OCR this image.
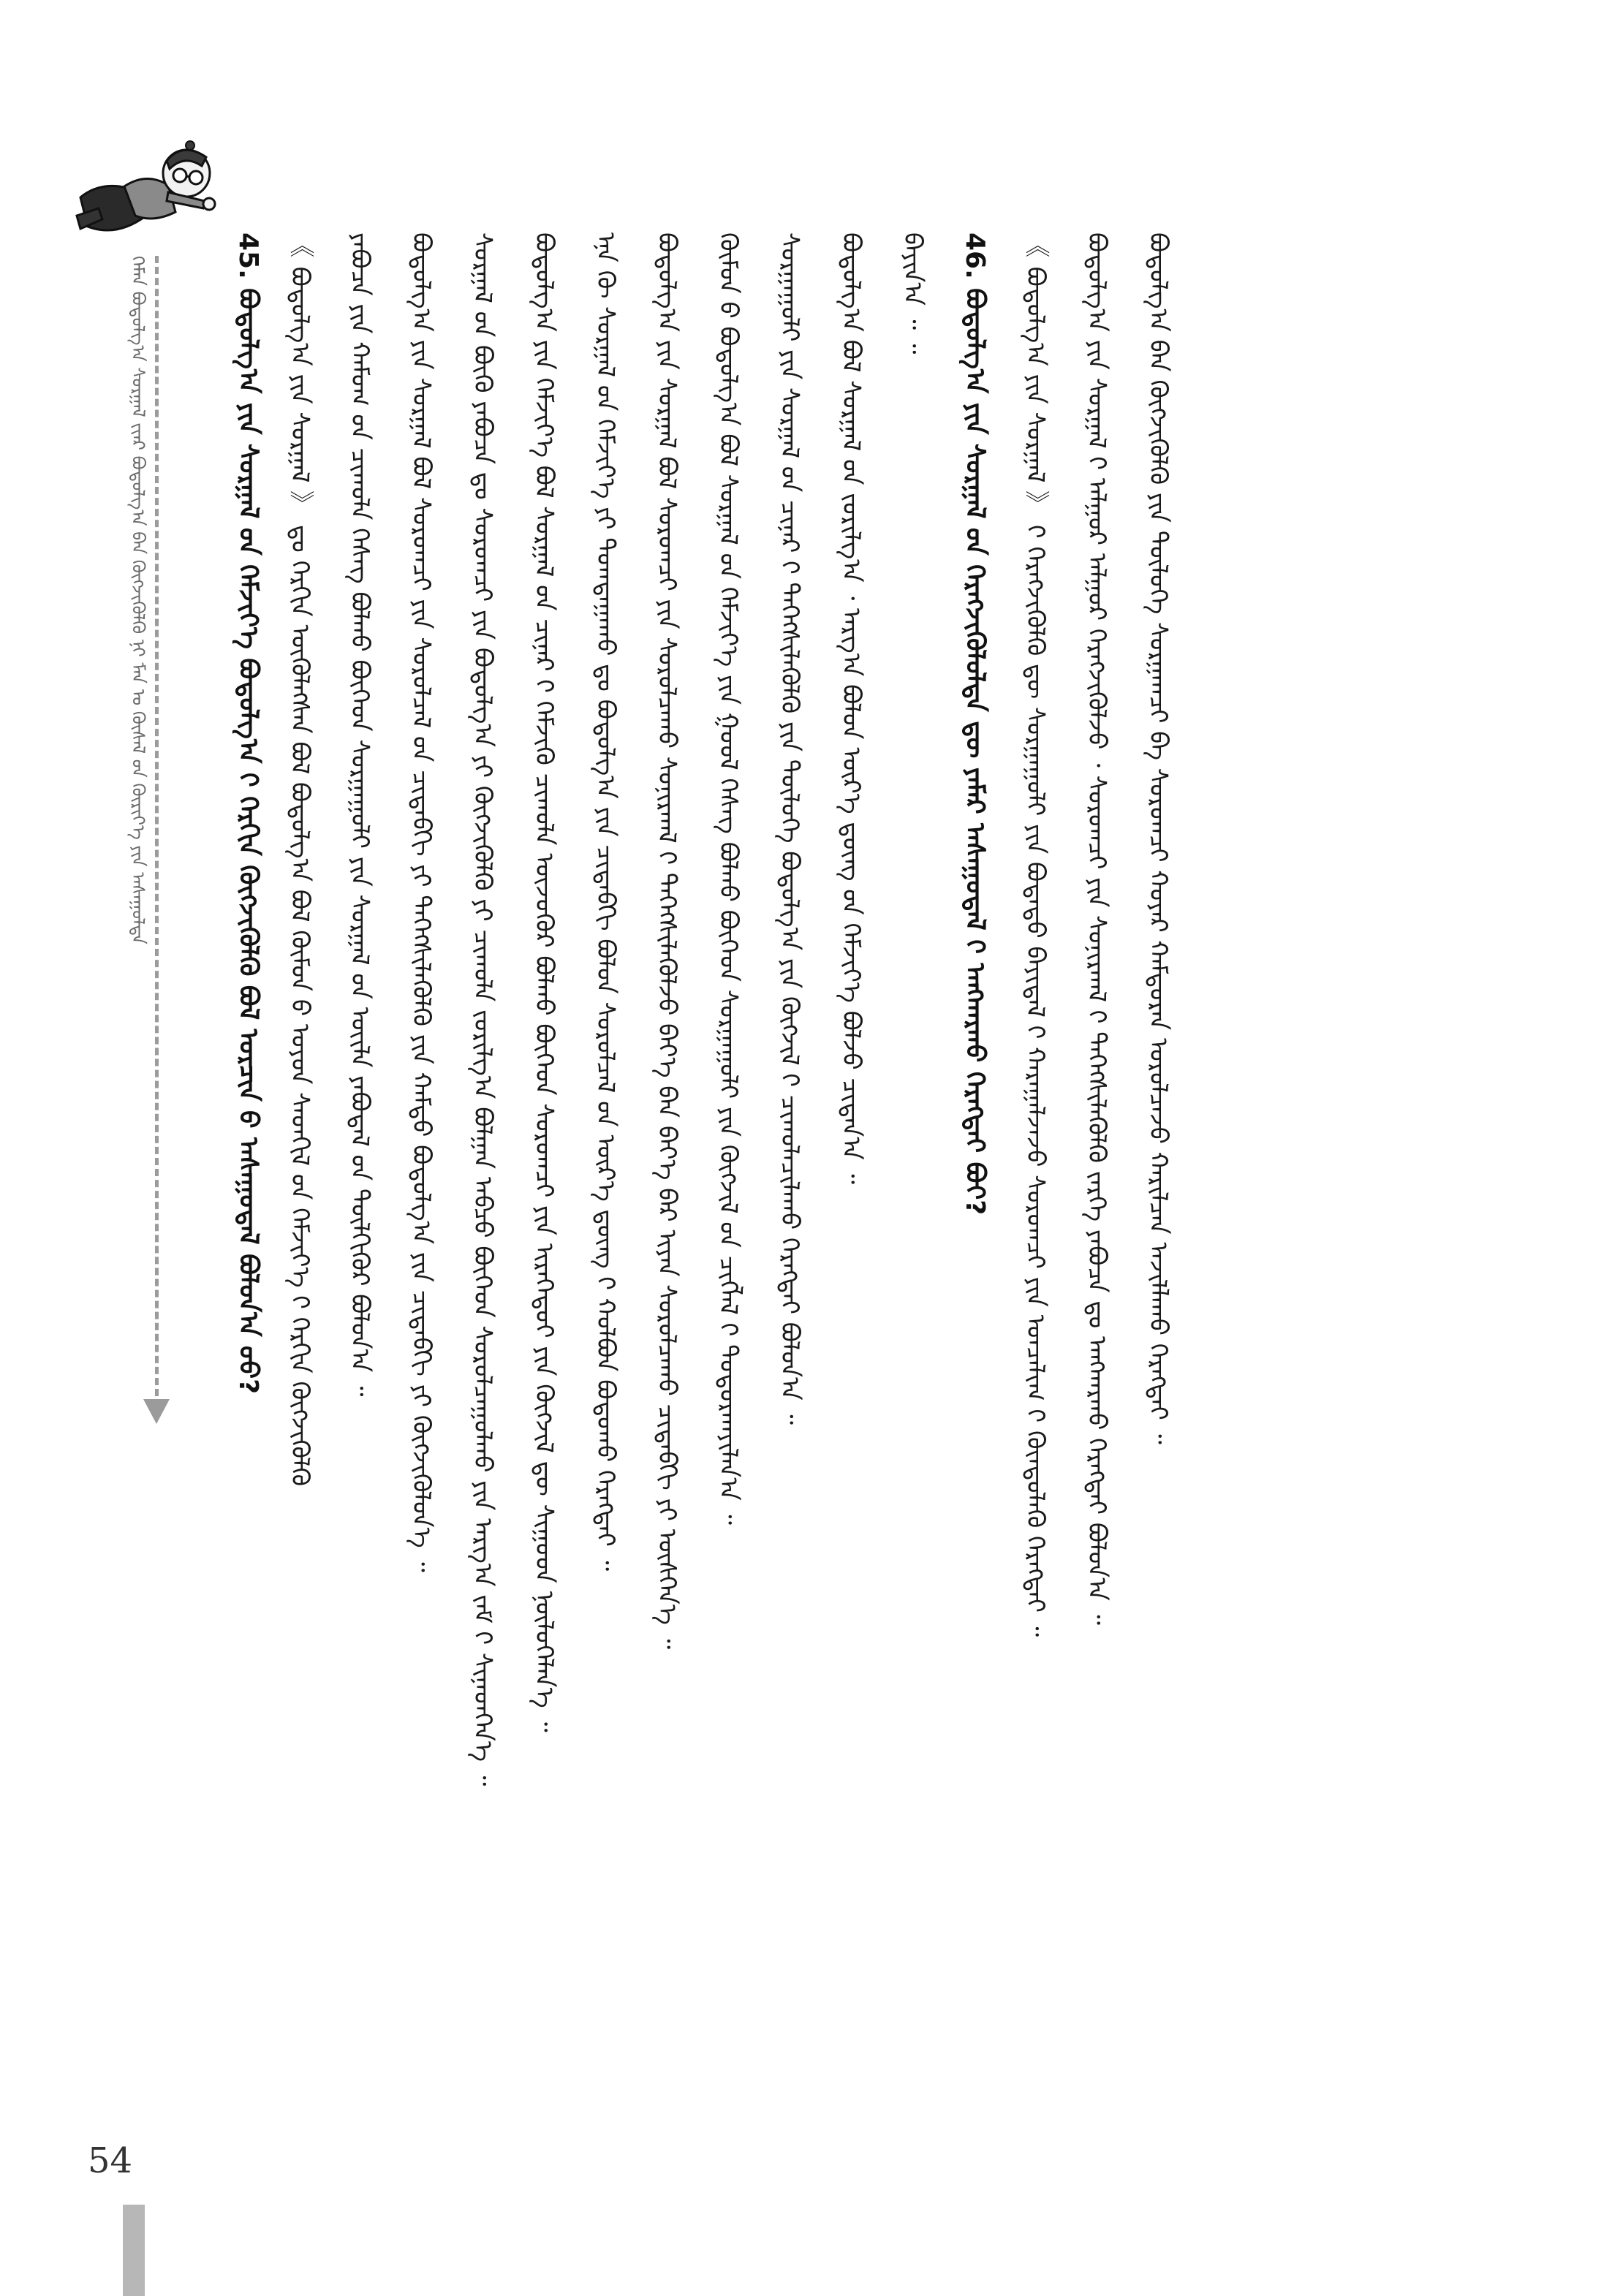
ᠬᠡᠮᠡᠨ ᠪᠣᠳᠣᠯᠭ᠎ᠠ ᠰᠤᠷᠭᠠᠯ ᠢ᠋ᠶ᠋ᠠᠷ ᠪᠣᠳᠣᠯᠭ᠎ᠠ ᠪᠡᠨ ᠬᠥᠭᠵᠢᠭᠦᠯᠬᠦ ᠨᠢ ᠮᠠᠨ ᠤ ᠬᠦᠰᠡᠯ ᠤ᠋ᠨ ᠬᠦᠷᠢᠶ᠎ᠡ ᠶᠢᠨ ᠠᠰᠠᠭᠤᠯᠲᠠ	45. ᠪᠣᠳᠣᠯᠭ᠎ᠠ ᠶᠢᠨ ᠰᠤᠷᠭᠠᠯ ᠤ᠋ᠨ ᠬᠡᠮᠵᠢᠶ᠎ᠡ ᠪᠣᠳᠣᠯᠭ᠎ᠠ ᠢ᠋ ᠬᠡᠷᠬᠢᠨ ᠬᠥᠭᠵᠢᠭᠦᠯᠬᠦ ᠪᠣᠯ ᠣᠷᠴᠢᠨ ᠤ᠋ ᠠᠰᠠᠭᠤᠳᠠᠯ ᠪᠣᠯᠤᠨ᠎ᠠ ᠤᠤ? 《 ᠪᠣᠳᠣᠯᠭ᠎ᠠ ᠶᠢᠨ ᠰᠤᠷᠭᠠᠯ 》 ᠳᠤ ᠬᠡᠷᠬᠢᠨ ᠦᠭᠦᠯᠡᠭᠰᠡᠨ ᠪᠣᠯ ᠪᠣᠳᠣᠯᠭ᠎ᠠ ᠪᠣᠯ ᠬᠦᠮᠦᠨ ᠤ᠋ ᠤᠶᠤᠨ ᠰᠡᠳᠬᠢᠯ ᠤ᠋ᠨ ᠬᠡᠮᠵᠢᠶ᠎ᠡ ᠢ᠋ ᠬᠡᠷᠬᠢᠨ ᠬᠥᠭᠵᠢᠭᠦᠯᠬᠦ ᠶᠠᠪᠤᠴᠠ ᠶᠢᠨ ᠬᠠᠮᠤᠭ ᠤ᠋ᠨ ᠴᠢᠬᠤᠯᠠ ᠬᠡᠰᠡᠭ ᠪᠣᠯᠬᠤ ᠪᠥᠭᠡᠳ ᠰᠤᠷᠭᠠᠭᠤᠯᠢ ᠶᠢᠨ ᠰᠤᠷᠭᠠᠯ ᠤ᠋ᠨ ᠦᠢᠯᠡ ᠶᠠᠪᠤᠳᠠᠯ ᠤ᠋ᠨ ᠲᠦᠯᠬᠢᠭᠦᠷ ᠪᠣᠯᠤᠨ᠎ᠠ ᠃ ᠪᠣᠳᠣᠯᠭ᠎ᠠ ᠶᠢᠨ ᠰᠤᠷᠭᠠᠯ ᠪᠣᠯ ᠰᠤᠷᠤᠭᠴᠢ ᠶᠢᠨ ᠰᠤᠷᠤᠯᠴᠠᠯ ᠤ᠋ᠨ ᠴᠢᠳᠠᠪᠬᠢ ᠶᠢ ᠳᠡᠭᠡᠭᠰᠢᠯᠡᠭᠦᠯᠬᠦ ᠶᠢᠨ ᠬᠠᠮᠲᠤ ᠪᠣᠳᠣᠯᠭ᠎ᠠ ᠶᠢᠨ ᠴᠢᠳᠠᠪᠬᠢ ᠶᠢ ᠬᠥᠭᠵᠢᠭᠦᠯᠦᠨ᠎ᠡ ᠃ ᠰᠤᠷᠭᠠᠯ ᠤ᠋ᠨ ᠪᠦᠬᠦ ᠶᠠᠪᠤᠴᠠ ᠳᠤ ᠰᠤᠷᠤᠭᠴᠢ ᠶᠢᠨ ᠪᠣᠳᠣᠯᠭ᠎ᠠ ᠶᠢ ᠬᠥᠭᠵᠢᠭᠦᠯᠬᠦ ᠶᠢ ᠴᠢᠬᠤᠯᠠ ᠵᠣᠷᠢᠯᠭ᠎ᠠ ᠪᠣᠯᠭᠠᠨ ᠠᠪᠴᠤ ᠪᠥᠭᠡᠳ ᠰᠤᠷᠤᠯᠴᠠᠭᠤᠯᠬᠤ ᠶᠢᠨ ᠠᠷᠭ᠎ᠠ ᠵᠠᠮ ᠢ᠋ ᠰᠢᠨᠡᠳᠬᠡᠨ᠎ᠡ ᠃ ᠪᠣᠳᠣᠯᠭ᠎ᠠ ᠶᠢᠨ ᠬᠡᠮᠵᠢᠶ᠎ᠡ ᠪᠣᠯ ᠰᠤᠷᠭᠠᠯ ᠤ᠋ᠨ ᠴᠢᠨᠠᠷ ᠢ᠋ ᠬᠡᠮᠵᠢᠬᠦ ᠴᠢᠬᠤᠯᠠ ᠦᠵᠦᠭᠦᠷ ᠪᠣᠯᠬᠤ ᠪᠥᠭᠡᠳ ᠰᠤᠷᠤᠭᠴᠢ ᠶᠢᠨ ᠢᠷᠡᠭᠡᠳᠦᠢ ᠶᠢᠨ ᠬᠥᠭᠵᠢᠯ ᠳᠦ ᠰᠢᠭᠤᠳ ᠨᠥᠯᠦᠭᠡᠯᠡᠨ᠎ᠡ ᠃ ᠡᠨᠡ ᠬᠦ ᠰᠤᠷᠭᠠᠯ ᠤ᠋ᠨ ᠬᠡᠮᠵᠢᠶ᠎ᠡ ᠶᠢ ᠲᠣᠭᠲᠠᠭᠠᠬᠤ ᠳᠤ ᠪᠣᠳᠣᠯᠭ᠎ᠠ ᠶᠢᠨ ᠴᠢᠳᠠᠪᠬᠢ ᠪᠣᠯᠤᠨ ᠰᠤᠷᠤᠯᠴᠠᠯ ᠤ᠋ᠨ ᠦᠷ᠎ᠡ ᠳ᠋ᠦᠩ ᠢ᠋ ᠬᠣᠯᠪᠣᠨ ᠪᠣᠳᠤᠬᠤ ᠬᠡᠷᠡᠭᠲᠡᠢ ᠃ ᠪᠣᠳᠣᠯᠭ᠎ᠠ ᠶᠢᠨ ᠰᠤᠷᠭᠠᠯ ᠪᠣᠯ ᠰᠤᠷᠤᠭᠴᠢ ᠶᠢᠨ ᠰᠤᠷᠤᠯᠴᠠᠬᠤ ᠰᠣᠨᠢᠷᠬᠠᠯ ᠢ᠋ ᠳᠡᠭᠡᠭᠰᠢᠯᠡᠭᠦᠯᠵᠦ ᠪᠡᠶ᠎ᠡ ᠪᠡᠨ ᠪᠡᠶ᠎ᠡ ᠪᠡᠷ ᠢᠶᠠᠨ ᠰᠤᠷᠤᠯᠴᠠᠬᠤ ᠴᠢᠳᠠᠪᠬᠢ ᠶᠢ ᠥᠰᠬᠡᠨ᠎ᠡ ᠃ ᠬᠦᠮᠦᠨ ᠤ᠋ ᠪᠣᠳᠣᠯᠭ᠎ᠠ ᠪᠣᠯ ᠰᠤᠷᠭᠠᠯ ᠤ᠋ᠨ ᠬᠡᠮᠵᠢᠶ᠎ᠡ ᠶᠢᠨ ᠭᠣᠣᠯ ᠬᠡᠰᠡᠭ ᠪᠣᠯᠬᠤ ᠪᠥᠭᠡᠳ ᠰᠤᠷᠭᠠᠭᠤᠯᠢ ᠶᠢᠨ ᠬᠥᠭᠵᠢᠯ ᠤ᠋ᠨ ᠴᠢᠭᠯᠡᠯ ᠢ᠋ ᠲᠣᠳᠤᠷᠬᠠᠶᠢᠯᠠᠨ᠎ᠠ ᠃ ᠰᠤᠷᠭᠠᠭᠤᠯᠢ ᠶᠢᠨ ᠰᠤᠷᠭᠠᠯ ᠤ᠋ᠨ ᠴᠢᠨᠠᠷ ᠢ᠋ ᠳᠡᠭᠡᠭᠰᠢᠯᠡᠭᠦᠯᠬᠦ ᠶᠢᠨ ᠲᠥᠯᠦᠭᠡ ᠪᠣᠳᠣᠯᠭ᠎ᠠ ᠶᠢᠨ ᠬᠥᠭᠵᠢᠯ ᠢ᠋ ᠴᠢᠬᠤᠯᠠᠴᠢᠯᠠᠬᠤ ᠬᠡᠷᠡᠭᠲᠡᠢ ᠪᠣᠯᠤᠨ᠎ᠠ ᠃ ᠪᠣᠳᠣᠯᠭ᠎ᠠ ᠪᠣᠯ ᠰᠤᠷᠭᠠᠯ ᠤ᠋ᠨ ᠵᠣᠷᠢᠯᠭ᠎ᠠ ᠂ ᠠᠷᠭ᠎ᠠ ᠪᠣᠯᠤᠨ ᠦᠷ᠎ᠡ ᠳ᠋ᠦᠩ ᠤ᠋ᠨ ᠬᠡᠮᠵᠢᠶ᠎ᠡ ᠪᠣᠯᠵᠤ ᠴᠢᠳᠠᠨ᠎ᠠ ᠃ ᠪᠠᠶᠢᠨ᠎ᠠ ᠃ ᠃	46. ᠪᠣᠳᠣᠯᠭ᠎ᠠ ᠶᠢᠨ ᠰᠤᠷᠭᠠᠯ ᠤ᠋ᠨ ᠬᠡᠷᠡᠭᠵᠢᠭᠦᠯᠦᠯᠲᠡ ᠳᠦ ᠶᠠᠮᠠᠷ ᠠᠰᠠᠭᠤᠳᠠᠯ ᠢ᠋ ᠠᠩᠬᠠᠷᠬᠤ ᠬᠡᠷᠡᠭᠲᠡᠢ ᠪᠣᠢ?	《 ᠪᠣᠳᠣᠯᠭ᠎ᠠ ᠶᠢᠨ ᠰᠤᠷᠭᠠᠯ 》 ᠢ᠋ ᠬᠡᠷᠡᠭᠵᠢᠭᠦᠯᠬᠦ ᠳᠦ ᠰᠤᠷᠭᠠᠭᠤᠯᠢ ᠶᠢᠨ ᠪᠣᠳᠠᠲᠤ ᠪᠠᠶᠢᠳᠠᠯ ᠢ᠋ ᠬᠠᠷᠠᠭᠠᠯᠵᠠᠵᠤ ᠰᠤᠷᠤᠭᠴᠢ ᠶᠢᠨ ᠣᠨᠴᠠᠯᠢᠭ ᠢ᠋ ᠬᠦᠨᠳᠦᠯᠡᠬᠦ ᠬᠡᠷᠡᠭᠲᠡᠢ ᠃ ᠪᠣᠳᠣᠯᠭ᠎ᠠ ᠶᠢᠨ ᠰᠤᠷᠭᠠᠯ ᠢ᠋ ᠠᠯᠭᠤᠷ ᠠᠯᠭᠤᠷ ᠬᠡᠷᠡᠭᠵᠢᠭᠦᠯᠵᠦ ᠂ ᠰᠤᠷᠤᠭᠴᠢ ᠶᠢᠨ ᠰᠣᠨᠢᠷᠬᠠᠯ ᠢ᠋ ᠳᠡᠭᠡᠭᠰᠢᠯᠡᠭᠦᠯᠬᠦ ᠵᠡᠷᠭᠡ ᠶᠠᠪᠤᠴᠠ ᠳᠤ ᠠᠩᠬᠠᠷᠬᠤ ᠬᠡᠷᠡᠭᠲᠡᠢ ᠪᠣᠯᠤᠨ᠎ᠠ ᠃ ᠪᠣᠳᠣᠯᠭ᠎ᠠ ᠪᠡᠨ ᠬᠥᠭᠵᠢᠭᠦᠯᠬᠦ ᠶᠢᠨ ᠲᠥᠯᠦᠭᠡ ᠰᠤᠷᠭᠠᠭᠴᠢ ᠪᠠ ᠰᠤᠷᠤᠭᠴᠢ ᠬᠣᠶᠠᠷ ᠬᠠᠮᠲᠤᠷᠠᠨ ᠣᠷᠤᠯᠴᠠᠵᠤ ᠬᠠᠷᠢᠯᠴᠠᠨ ᠠᠵᠢᠯᠯᠠᠬᠤ ᠬᠡᠷᠡᠭᠲᠡᠢ ᠃
54
